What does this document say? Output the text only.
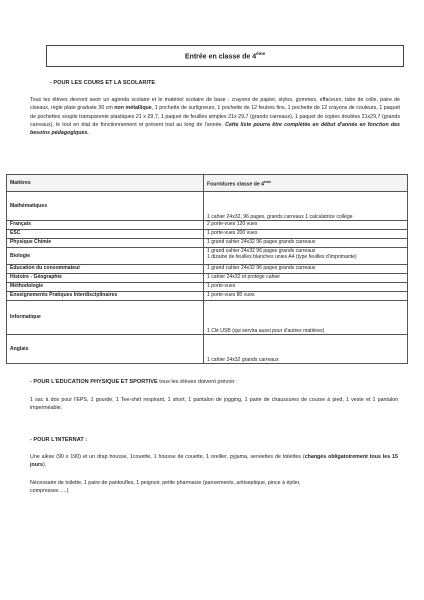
Entrée en classe de 4ème
- POUR LES COURS ET LA SCOLARITE
Tous les élèves devront avoir un agenda scolaire et le matériel scolaire de base : crayons de papier, stylos, gommes, effaceurs, tube de colle, paire de ciseaux, règle plate graduée 30 cm non métallique, 1 pochette de surligneurs, 1 pochette de 12 feutres fins, 1 pochette de 12 crayons de couleurs, 1 paquet de pochettes souple transparente plastiques 21 x 29,7, 1 paquet de feuilles simples 21x 29,7 (grands carreaux), 1 paquet de copies doubles 21x29,7 (grands carreaux), le tout en état de fonctionnement et présent tout au long de l'année. Cette liste pourra être complétée en début d'année en fonction des besoins pédagogiques.
Matières	Fournitures classe de 4ème
Mathématiques	1 cahier 24x32, 96 pages, grands carreaux 1 calculatrice collège

Français	2 porte-vues 120 vues

ESC	1 porte-vues 200 vues

Physique Chimie	1 grand cahier 24x32 96 pages grands carreaux

Biologie	1 grand cahier 24x32 96 pages grands carreaux
1 dizaine de feuilles blanches unies A4 (type feuilles d'imprimante)

Education du consommateur	1 grand cahier 24x32 96 pages grands carreaux

Histoire - Géographie	1 cahier 24x32 et protège cahier

Méthodologie	1 porte-vues

Enseignements Pratiques Interdisciplinaires	1 porte-vues 80 vues

Informatique	1 Clé USB (qui servira aussi pour d'autres matières)

Anglais	1 cahier 24x32 grands carreaux
- POUR L'EDUCATION PHYSIQUE ET SPORTIVE tous les élèves doivent prévoir :
1 sac à dos pour l'EPS, 1 gourde, 1 Tee-shirt respirant, 1 short, 1 pantalon de jogging, 1 paire de chaussures de course à pied, 1 veste et 1 pantalon imperméable.
- POUR L'INTERNAT :
Une alèse (90 x 190) et un drap housse, 1couette, 1 housse de couette, 1 oreiller, pyjama, serviettes de toilettes (changés obligatoirement tous les 15 jours).
Nécessaire de toilette, 1 paire de pantoufles, 1 peignoir, petite pharmacie (pansements, antiseptique, pince à épiler, compresses ….)
